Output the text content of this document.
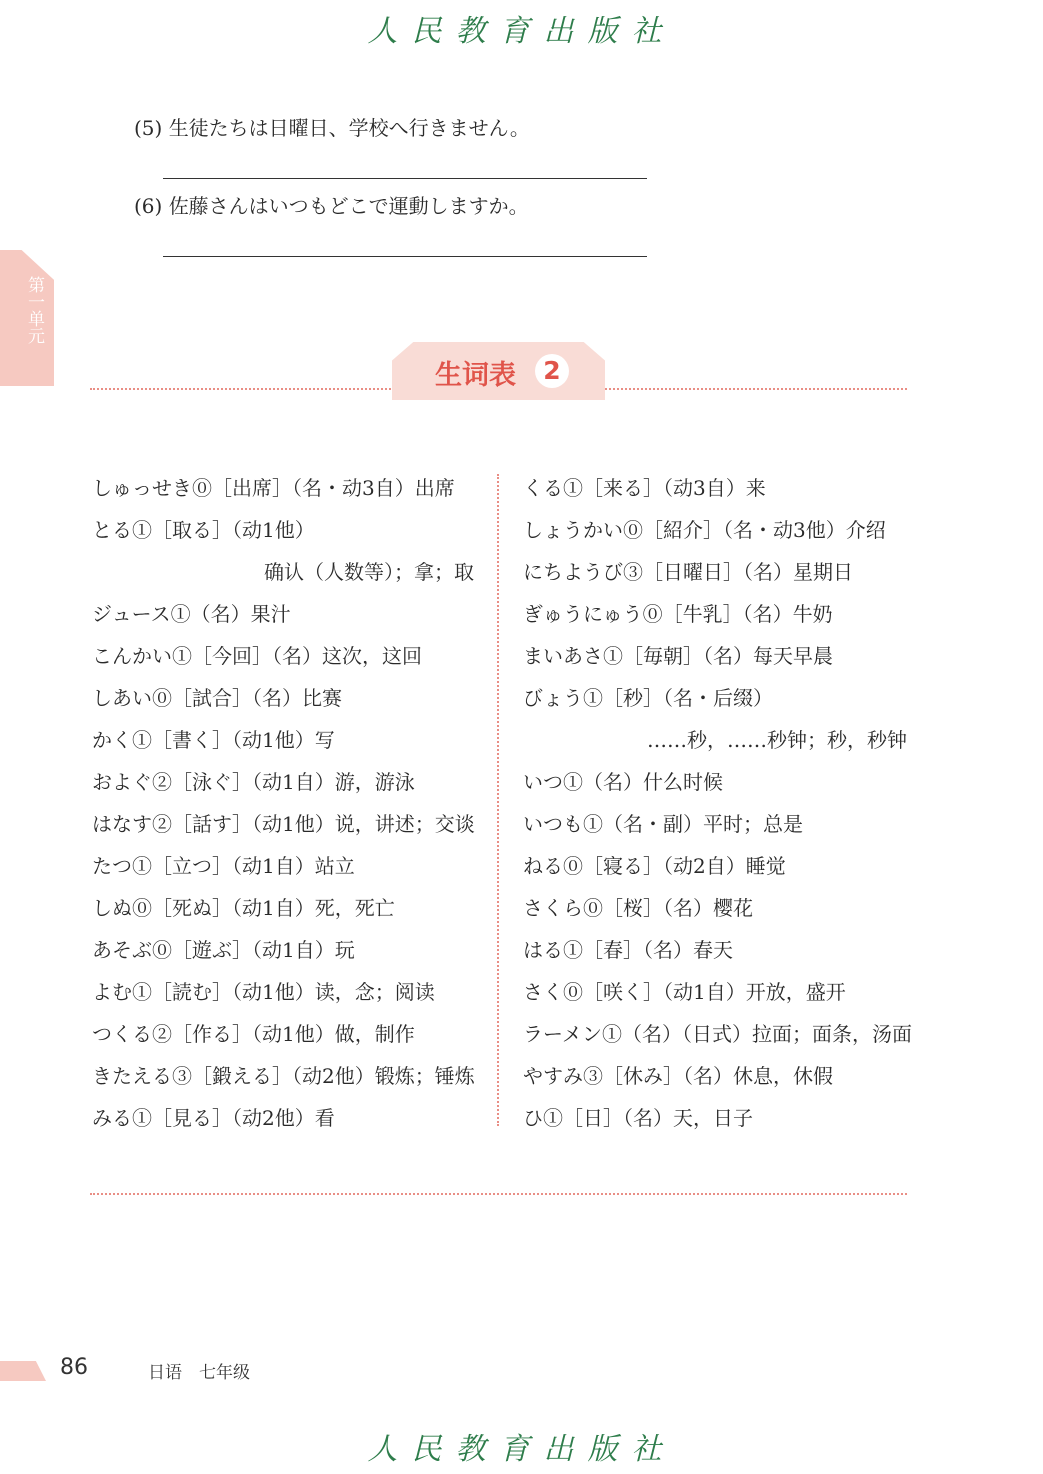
人民教育出版社
(5) 生徒たちは日曜日、学校へ行きません。
(6) 佐藤さんはいつもどこで運動しますか。
第一单元
生词表	2
しゅっせき⓪［出席］（名・动3自）出席
とる①［取る］（动1他）
确认（人数等）；拿；取
ジュース①（名）果汁
こんかい①［今回］（名）这次，这回
しあい⓪［試合］（名）比赛
かく①［書く］（动1他）写
およぐ②［泳ぐ］（动1自）游，游泳
はなす②［話す］（动1他）说，讲述；交谈
たつ①［立つ］（动1自）站立
しぬ⓪［死ぬ］（动1自）死，死亡
あそぶ⓪［遊ぶ］（动1自）玩
よむ①［読む］（动1他）读，念；阅读
つくる②［作る］（动1他）做，制作
きたえる③［鍛える］（动2他）锻炼；锤炼
みる①［見る］（动2他）看
くる①［来る］（动3自）来
しょうかい⓪［紹介］（名・动3他）介绍
にちようび③［日曜日］（名）星期日
ぎゅうにゅう⓪［牛乳］（名）牛奶
まいあさ①［毎朝］（名）每天早晨
びょう①［秒］（名・后缀）
……秒，……秒钟；秒，秒钟
いつ①（名）什么时候
いつも①（名・副）平时；总是
ねる⓪［寝る］（动2自）睡觉
さくら⓪［桜］（名）樱花
はる①［春］（名）春天
さく⓪［咲く］（动1自）开放，盛开
ラーメン①（名）（日式）拉面；面条，汤面
やすみ③［休み］（名）休息，休假
ひ①［日］（名）天，日子
86	日语　七年级
人民教育出版社
